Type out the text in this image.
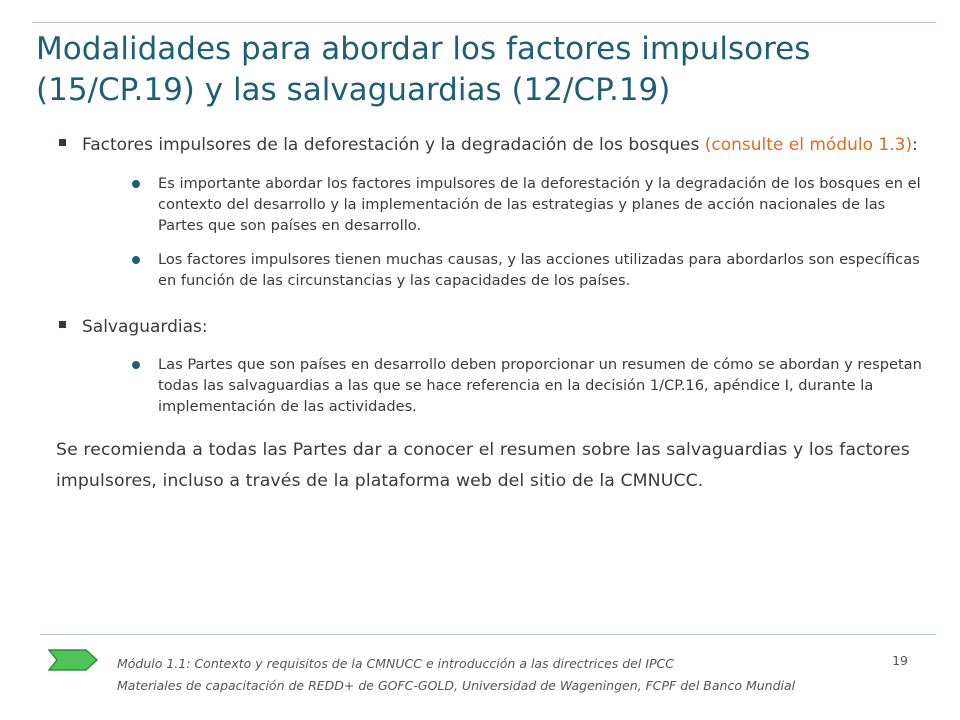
Modalidades para abordar los factores impulsores
(15/CP.19) y las salvaguardias (12/CP.19)
Factores impulsores de la deforestación y la degradación de los bosques (consulte el módulo 1.3):
Es importante abordar los factores impulsores de la deforestación y la degradación de los bosques en el contexto del desarrollo y la implementación de las estrategias y planes de acción nacionales de las Partes que son países en desarrollo.
Los factores impulsores tienen muchas causas, y las acciones utilizadas para abordarlos son específicas en función de las circunstancias y las capacidades de los países.
Salvaguardias:
Las Partes que son países en desarrollo deben proporcionar un resumen de cómo se abordan y respetan todas las salvaguardias a las que se hace referencia en la decisión 1/CP.16, apéndice I, durante la implementación de las actividades.
Se recomienda a todas las Partes dar a conocer el resumen sobre las salvaguardias y los factores impulsores, incluso a través de la plataforma web del sitio de la CMNUCC.
Módulo 1.1: Contexto y requisitos de la CMNUCC e introducción a las directrices del IPCC
Materiales de capacitación de REDD+ de GOFC-GOLD, Universidad de Wageningen, FCPF del Banco Mundial
19
